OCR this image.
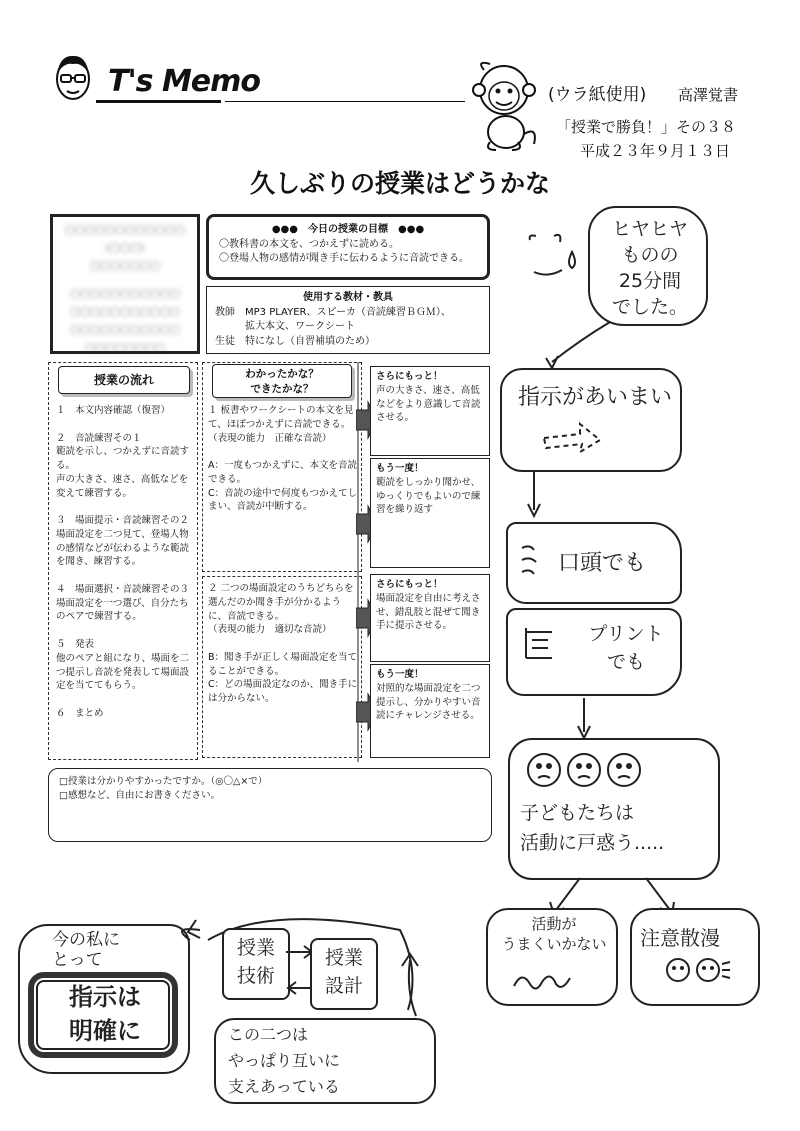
T's Memo	(ウラ紙使用) 高澤覚書
「授業で勝負！」その３８
平成２３年９月１３日
久しぶりの授業はどうかな
〇〇〇〇〇〇〇〇〇〇〇〇
（〇〇〇）
〇〇〇〇〇〇〇
〇〇〇〇〇〇〇〇〇〇〇
〇〇〇〇〇〇〇〇〇〇〇
〇〇〇〇〇〇〇〇〇〇〇
〇〇〇〇〇〇〇〇
●●●　今日の授業の目標　●●●
〇教科書の本文を、つかえずに読める。
〇登場人物の感情が聞き手に伝わるように音読できる。
使用する教材・教具
教師　MP3 PLAYER、スピーカ（音読練習ＢＧＭ）、
　　　拡大本文、ワークシート
生徒　特になし（自習補填のため）
授業の流れ
１　本文内容確認（復習）

２　音読練習その１
範読を示し、つかえずに音読する。
声の大きさ、速さ、高低などを変えて練習する。

３　場面提示・音読練習その２
場面設定を二つ見て、登場人物の感情などが伝わるような範読を聞き、練習する。

４　場面選択・音読練習その３
場面設定を一つ選び、自分たちのペアで練習する。

５　発表
他のペアと組になり、場面を二つ提示し音読を発表して場面設定を当ててもらう。

６　まとめ
わかったかな？
できたかな？
１ 板書やワークシートの本文を見て、ほぼつかえずに音読できる。
（表現の能力　正確な音読）

A：一度もつかえずに、本文を音読できる。
C：音読の途中で何度もつかえてしまい、音読が中断する。
２ 二つの場面設定のうちどちらを選んだのか聞き手が分かるように、音読できる。
（表現の能力　適切な音読）

B：聞き手が正しく場面設定を当てることができる。
C：どの場面設定なのか、聞き手には分からない。
さらにもっと！
声の大きさ、速さ、高低などをより意識して音読させる。
もう一度！
範読をしっかり聞かせ、ゆっくりでもよいので練習を繰り返す
さらにもっと！
場面設定を自由に考えさせ、錯乱肢と混ぜて聞き手に提示させる。
もう一度！
対照的な場面設定を二つ提示し、分かりやすい音読にチャレンジさせる。
□授業は分かりやすかったですか。（◎〇△×で）
□感想など、自由にお書きください。
ヒヤヒヤ
ものの
25分間
でした。
指示があいまい
口頭でも
プリント
でも
子どもたちは
活動に戸惑う.....
活動が
うまくいかない	注意散漫
今の私に
とって
指示は
明確に
授業
技術
授業
設計
この二つは
やっぱり互いに
支えあっている
